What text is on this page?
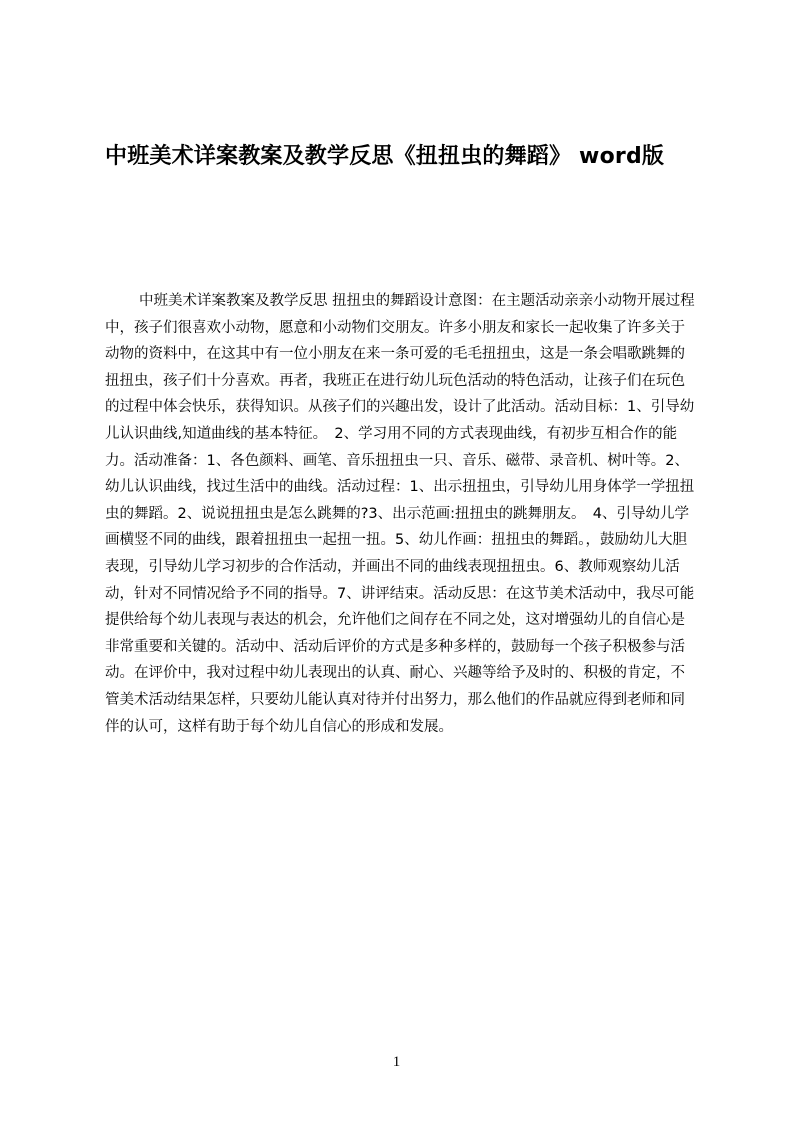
中班美术详案教案及教学反思《扭扭虫的舞蹈》 word版

中班美术详案教案及教学反思 扭扭虫的舞蹈设计意图：在主题活动亲亲小动物开展过程中，孩子们很喜欢小动物，愿意和小动物们交朋友。许多小朋友和家长一起收集了许多关于动物的资料中，在这其中有一位小朋友在来一条可爱的毛毛扭扭虫，这是一条会唱歌跳舞的扭扭虫，孩子们十分喜欢。再者，我班正在进行幼儿玩色活动的特色活动，让孩子们在玩色的过程中体会快乐，获得知识。从孩子们的兴趣出发，设计了此活动。活动目标：1、引导幼儿认识曲线,知道曲线的基本特征。　2、学习用不同的方式表现曲线，有初步互相合作的能力。活动准备：1、各色颜料、画笔、音乐扭扭虫一只、音乐、磁带、录音机、树叶等。2、幼儿认识曲线，找过生活中的曲线。活动过程：1、出示扭扭虫，引导幼儿用身体学一学扭扭虫的舞蹈。2、说说扭扭虫是怎么跳舞的?3、出示范画:扭扭虫的跳舞朋友。　4、引导幼儿学画横竖不同的曲线，跟着扭扭虫一起扭一扭。5、幼儿作画：扭扭虫的舞蹈。，鼓励幼儿大胆表现，引导幼儿学习初步的合作活动，并画出不同的曲线表现扭扭虫。6、教师观察幼儿活动，针对不同情况给予不同的指导。7、讲评结束。活动反思：在这节美术活动中，我尽可能提供给每个幼儿表现与表达的机会，允许他们之间存在不同之处，这对增强幼儿的自信心是非常重要和关键的。活动中、活动后评价的方式是多种多样的，鼓励每一个孩子积极参与活动。在评价中，我对过程中幼儿表现出的认真、耐心、兴趣等给予及时的、积极的肯定，不管美术活动结果怎样，只要幼儿能认真对待并付出努力，那么他们的作品就应得到老师和同伴的认可，这样有助于每个幼儿自信心的形成和发展。

1
